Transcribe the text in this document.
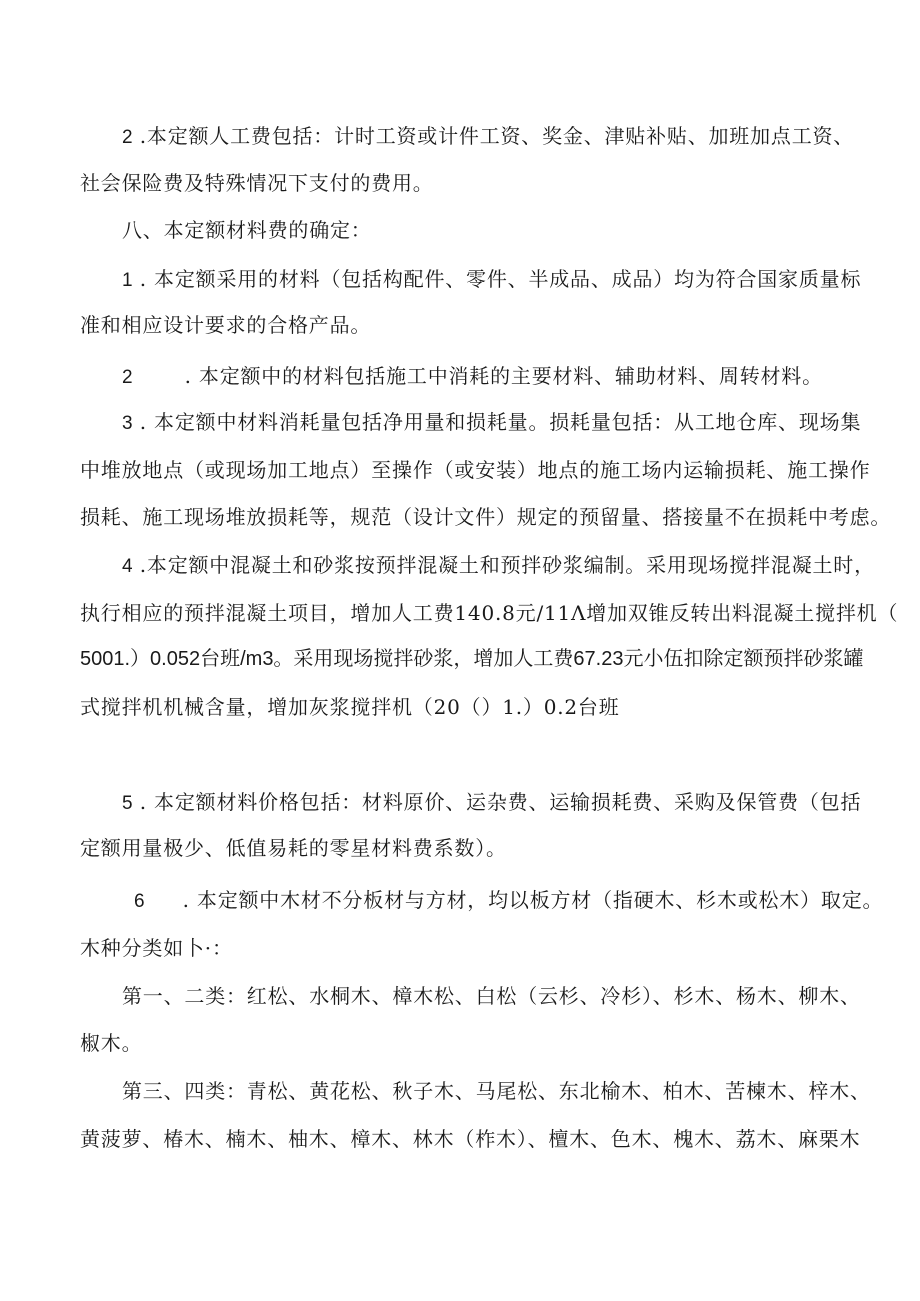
2 .本定额人工费包括：计时工资或计件工资、奖金、津贴补贴、加班加点工资、
社会保险费及特殊情况下支付的费用。
八、本定额材料费的确定：
1 . 本定额采用的材料（包括构配件、零件、半成品、成品）均为符合国家质量标
准和相应设计要求的合格产品。
2	. 本定额中的材料包括施工中消耗的主要材料、辅助材料、周转材料。
3 . 本定额中材料消耗量包括净用量和损耗量。损耗量包括：从工地仓库、现场集
中堆放地点（或现场加工地点）至操作（或安装）地点的施工场内运输损耗、施工操作
损耗、施工现场堆放损耗等，规范（设计文件）规定的预留量、搭接量不在损耗中考虑。
4 .本定额中混凝土和砂浆按预拌混凝土和预拌砂浆编制。采用现场搅拌混凝土时，
执行相应的预拌混凝土项目，增加人工费140.8元/11Λ增加双锥反转出料混凝土搅拌机（
5001.）0.052台班/m3。采用现场搅拌砂浆，增加人工费67.23元小伍扣除定额预拌砂浆罐
式搅拌机机械含量，增加灰浆搅拌机（20（）1.）0.2台班
5 . 本定额材料价格包括：材料原价、运杂费、运输损耗费、采购及保管费（包括
定额用量极少、低值易耗的零星材料费系数）。
6 . 本定额中木材不分板材与方材，均以板方材（指硬木、杉木或松木）取定。
木种分类如卜·：
第一、二类：红松、水桐木、樟木松、白松（云杉、冷杉）、杉木、杨木、柳木、
椒木。
第三、四类：青松、黄花松、秋子木、马尾松、东北榆木、柏木、苦楝木、梓木、
黄菠萝、椿木、楠木、柚木、樟木、林木（柞木）、檀木、色木、槐木、荔木、麻栗木
